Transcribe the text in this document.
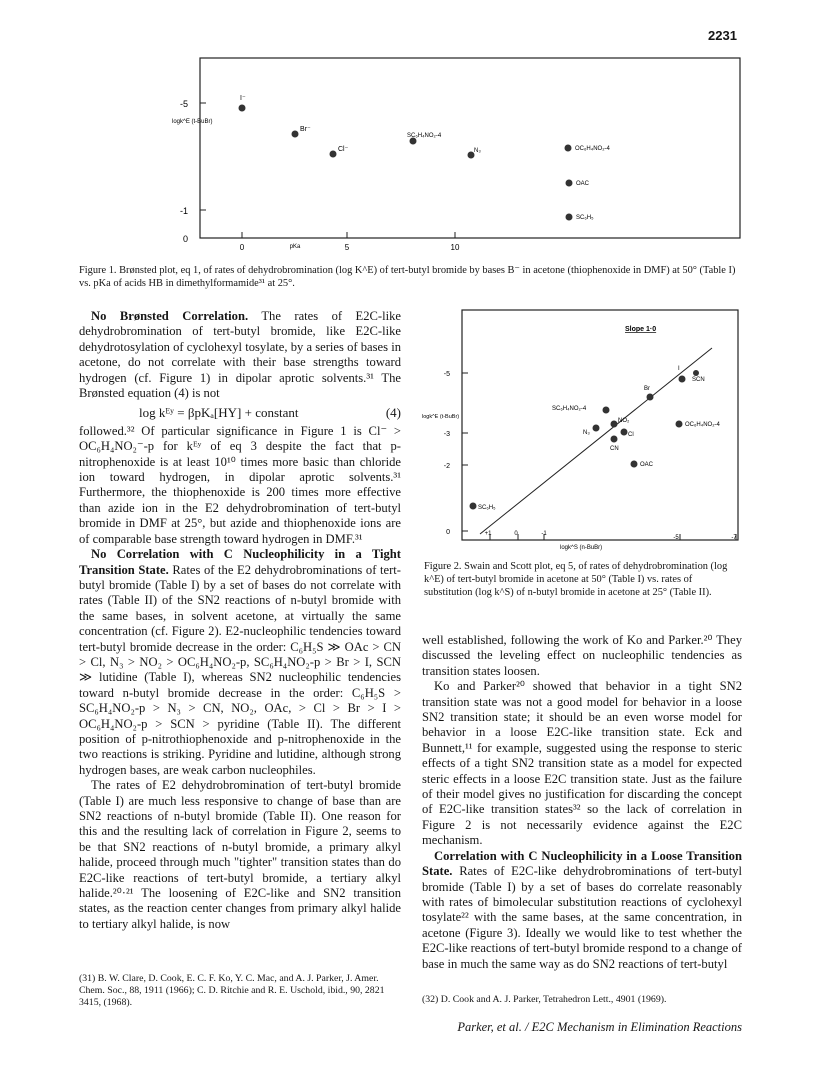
2231
-5
-1
0
logk^E (t-BuBr)
0	5	10
pKa
I⁻
Br⁻
Cl⁻
SC₆H₄NO₂-4
N₃	OC₆H₄NO₂-4
OAC
SC₆H₅
Figure 1. Brønsted plot, eq 1, of rates of dehydrobromination (log K^E) of tert-butyl bromide by bases B⁻ in acetone (thiophenoxide in DMF) at 50° (Table I) vs. pKa of acids HB in dimethylformamide³¹ at 25°.

No Brønsted Correlation. The rates of E2C-like dehydrobromination of tert-butyl bromide, like E2C-like dehydrotosylation of cyclohexyl tosylate, by a series of bases in acetone, do not correlate with their base strengths toward hydrogen (cf. Figure 1) in dipolar aprotic solvents.³¹ The Brønsted equation (4) is not

log kᴱʸ = βpKₐ[HY] + constant	(4)

followed.³² Of particular significance in Figure 1 is Cl⁻ > OC₆H₄NO₂⁻-p for kᴱʸ of eq 3 despite the fact that p-nitrophenoxide is at least 10¹⁰ times more basic than chloride ion toward hydrogen, in dipolar aprotic solvents.³¹ Furthermore, the thiophenoxide is 200 times more effective than azide ion in the E2 dehydrobromination of tert-butyl bromide in DMF at 25°, but azide and thiophenoxide ions are of comparable base strength toward hydrogen in DMF.³¹

No Correlation with C Nucleophilicity in a Tight Transition State. Rates of the E2 dehydrobrominations of tert-butyl bromide (Table I) by a set of bases do not correlate with rates (Table II) of the SN2 reactions of n-butyl bromide with the same bases, in solvent acetone, at virtually the same concentration (cf. Figure 2). E2-nucleophilic tendencies toward tert-butyl bromide decrease in the order: C₆H₅S ≫ OAc > CN > Cl, N₃ > NO₂ > OC₆H₄NO₂-p, SC₆H₄NO₂-p > Br > I, SCN ≫ lutidine (Table I), whereas SN2 nucleophilic tendencies toward n-butyl bromide decrease in the order: C₆H₅S > SC₆H₄NO₂-p > N₃ > CN, NO₂, OAc, > Cl > Br > I > OC₆H₄NO₂-p > SCN > pyridine (Table II). The different position of p-nitrothiophenoxide and p-nitrophenoxide in the two reactions is striking. Pyridine and lutidine, although strong hydrogen bases, are weak carbon nucleophiles.

The rates of E2 dehydrobromination of tert-butyl bromide (Table I) are much less responsive to change of base than are SN2 reactions of n-butyl bromide (Table II). One reason for this and the resulting lack of correlation in Figure 2, seems to be that SN2 reactions of n-butyl bromide, a primary alkyl halide, proceed through much "tighter" transition states than do E2C-like reactions of tert-butyl bromide, a tertiary alkyl halide.²⁰·²¹ The loosening of E2C-like and SN2 transition states, as the reaction center changes from primary alkyl halide to tertiary alkyl halide, is now

(31) B. W. Clare, D. Cook, E. C. F. Ko, Y. C. Mac, and A. J. Parker, J. Amer. Chem. Soc., 88, 1911 (1966); C. D. Ritchie and R. E. Uschold, ibid., 90, 2821 3415, (1968).
Slope 1·0
-5
-3
-2
0
logk^E (t-BuBr)
+1	0	-1
-5	-7
logk^S (n-BuBr)
I
SCN
Br
SC₆H₄NO₂-4
NO₂
N₃	Cl
CN
OC₆H₄NO₂-4
OAC
SC₆H₅
Figure 2. Swain and Scott plot, eq 5, of rates of dehydrobromination (log k^E) of tert-butyl bromide in acetone at 50° (Table I) vs. rates of substitution (log k^S) of n-butyl bromide in acetone at 25° (Table II).

well established, following the work of Ko and Parker.²⁰ They discussed the leveling effect on nucleophilic tendencies as transition states loosen.

Ko and Parker²⁰ showed that behavior in a tight SN2 transition state was not a good model for behavior in a loose SN2 transition state; it should be an even worse model for behavior in a loose E2C-like transition state. Eck and Bunnett,¹¹ for example, suggested using the response to steric effects of a tight SN2 transition state as a model for expected steric effects in a loose E2C transition state. Just as the failure of their model gives no justification for discarding the concept of E2C-like transition states³² so the lack of correlation in Figure 2 is not necessarily evidence against the E2C mechanism.

Correlation with C Nucleophilicity in a Loose Transition State. Rates of E2C-like dehydrobrominations of tert-butyl bromide (Table I) by a set of bases do correlate reasonably with rates of bimolecular substitution reactions of cyclohexyl tosylate²² with the same bases, at the same concentration, in acetone (Figure 3). Ideally we would like to test whether the E2C-like reactions of tert-butyl bromide respond to a change of base in much the same way as do SN2 reactions of tert-butyl

(32) D. Cook and A. J. Parker, Tetrahedron Lett., 4901 (1969).
Parker, et al. / E2C Mechanism in Elimination Reactions
